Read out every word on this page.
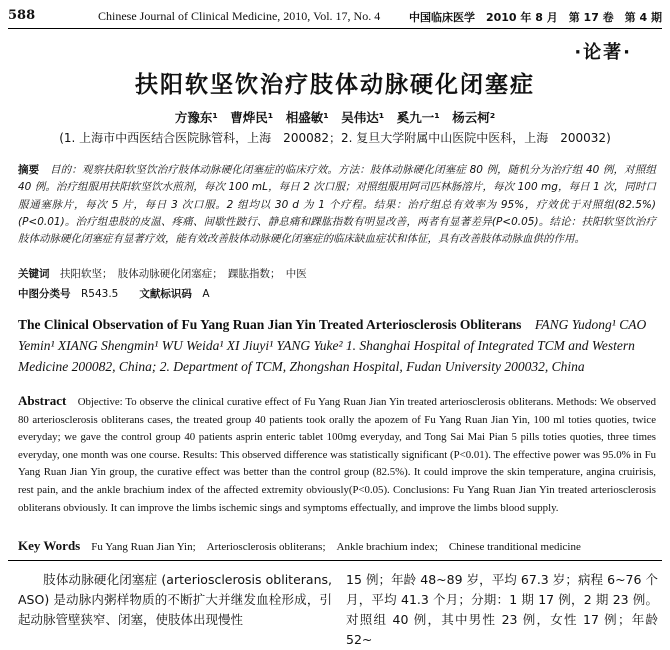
588	Chinese Journal of Clinical Medicine, 2010, Vol. 17, No. 4	中国临床医学　2010 年 8 月　第 17 卷　第 4 期
·论著·
扶阳软坚饮治疗肢体动脉硬化闭塞症
方豫东¹　曹烨民¹　相盛敏¹　吴伟达¹　奚九一¹　杨云柯²
(1. 上海市中西医结合医院脉管科，上海　200082；2. 复旦大学附属中山医院中医科，上海　200032)
摘要　 目的：观察扶阳软坚饮治疗肢体动脉硬化闭塞症的临床疗效。方法：肢体动脉硬化闭塞症 80 例，随机分为治疗组 40 例，对照组 40 例。治疗组服用扶阳软坚饮水煎剂，每次 100 mL，每日 2 次口服；对照组服用阿司匹林肠溶片，每次 100 mg，每日 1 次，同时口服通塞脉片，每次 5 片，每日 3 次口服。2 组均以 30 d 为 1 个疗程。结果：治疗组总有效率为 95%，疗效优于对照组(82.5%)(P<0.01)。治疗组患肢的皮温、疼痛、间歇性跛行、静息痛和踝肱指数有明显改善，两者有显著差异(P<0.05)。结论：扶阳软坚饮治疗肢体动脉硬化闭塞症有显著疗效，能有效改善肢体动脉硬化闭塞症的临床缺血症状和体征，具有改善肢体动脉血供的作用。
关键词　 扶阳软坚；　肢体动脉硬化闭塞症；　踝肱指数；　中医
中图分类号　 R543.5　　 文献标识码　 A
The Clinical Observation of Fu Yang Ruan Jian Yin Treated Arteriosclerosis Obliterans　 FANG Yudong¹ CAO Yemin¹ XIANG Shengmin¹ WU Weida¹ XI Jiuyi¹ YANG Yuke² 1. Shanghai Hospital of Integrated TCM and Western Medicine 200082, China; 2. Department of TCM, Zhongshan Hospital, Fudan University 200032, China
Abstract　 Objective: To observe the clinical curative effect of Fu Yang Ruan Jian Yin treated arteriosclerosis obliterans. Methods: We observed 80 arteriosclerosis obliterans cases, the treated group 40 patients took orally the apozem of Fu Yang Ruan Jian Yin, 100 ml toties quoties, twice everyday; we gave the control group 40 patients asprin enteric tablet 100mg everyday, and Tong Sai Mai Pian 5 pills toties quoties, three times everyday, one month was one course. Results: This observed difference was statistically significant (P<0.01). The effective power was 95.0% in Fu Yang Ruan Jian Yin group, the curative effect was better than the control group (82.5%). It could improve the skin temperature, angina cruirisis, rest pain, and the ankle brachium index of the affected extremity obviously(P<0.05). Conclusions: Fu Yang Ruan Jian Yin treated arteriosclerosis obliterans obviously. It can improve the limbs ischemic sings and symptoms effectually, and improve the limbs blood supply.
Key Words　 Fu Yang Ruan Jian Yin;　Arteriosclerosis obliterans;　Ankle brachium index;　Chinese tranditional medicine
肢体动脉硬化闭塞症 (arteriosclerosis obliterans, ASO) 是动脉内粥样物质的不断扩大并继发血栓形成，引起动脉管壁狭窄、闭塞，使肢体出现慢性
15 例；年龄 48~89 岁，平均 67.3 岁；病程 6~76 个月，平均 41.3 个月；分期：1 期 17 例，2 期 23 例。对照组 40 例，其中男性 23 例，女性 17 例；年龄 52~
